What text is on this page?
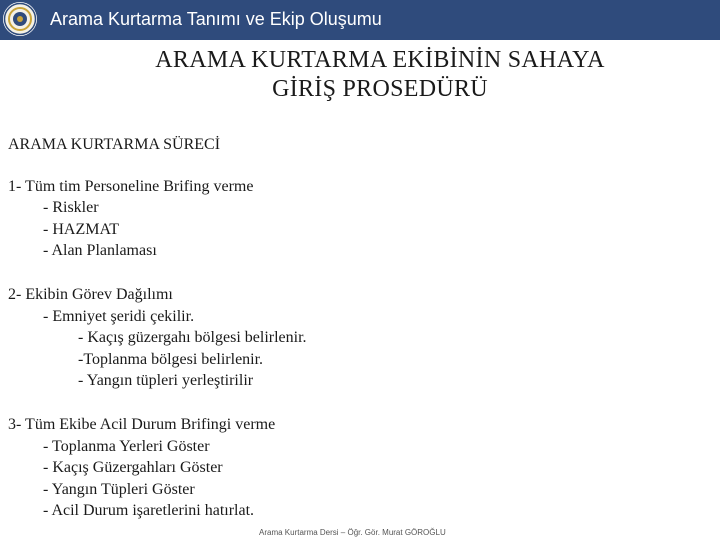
Arama Kurtarma Tanımı ve Ekip Oluşumu
ARAMA KURTARMA EKİBİNİN SAHAYA
GİRİŞ PROSEDÜRÜ
ARAMA KURTARMA SÜRECİ
1- Tüm tim Personeline Brifing verme
- Riskler
- HAZMAT
- Alan Planlaması
2- Ekibin Görev Dağılımı
- Emniyet şeridi çekilir.
- Kaçış güzergahı bölgesi belirlenir.
-Toplanma bölgesi belirlenir.
- Yangın tüpleri yerleştirilir
3- Tüm Ekibe Acil Durum Brifingi verme
- Toplanma Yerleri Göster
- Kaçış Güzergahları Göster
- Yangın Tüpleri Göster
- Acil Durum işaretlerini hatırlat.
Arama Kurtarma Dersi – Öğr. Gör. Murat GÖROĞLU
